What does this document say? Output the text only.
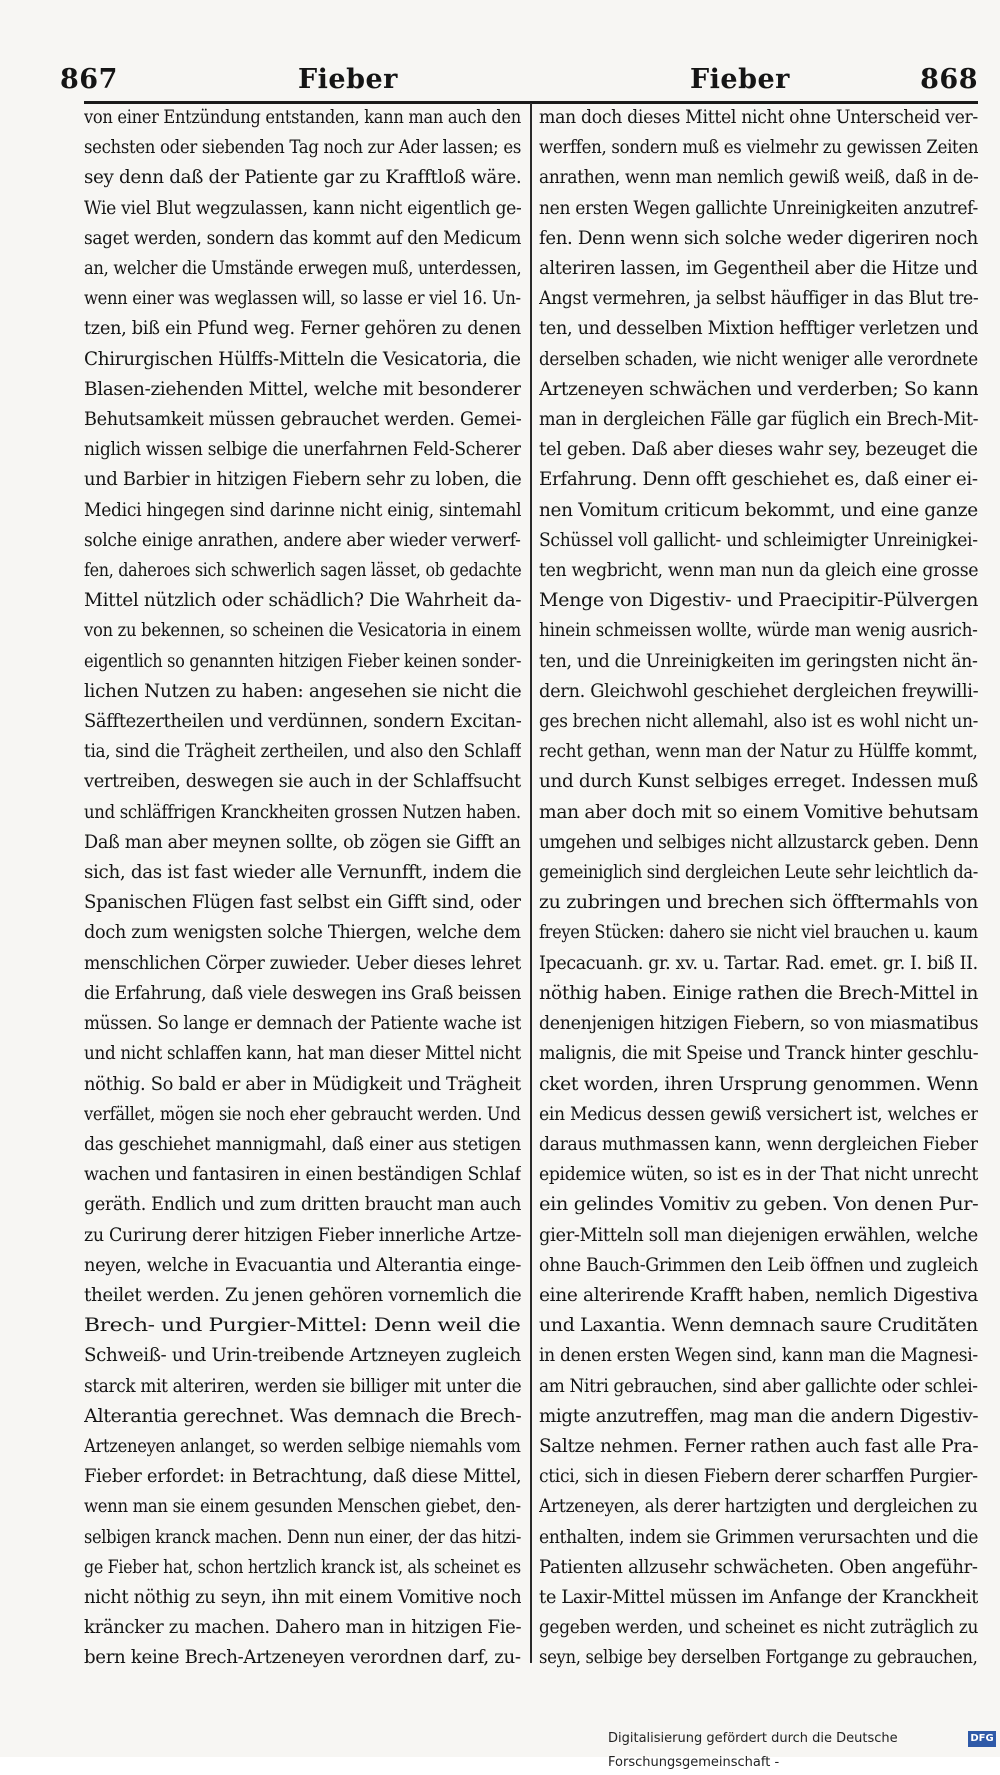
867	Fieber	Fieber	868

von einer Entzündung entstanden, kann man auch den

sechsten oder siebenden Tag noch zur Ader lassen; es

sey denn daß der Patiente gar zu Krafftloß wäre.

Wie viel Blut wegzulassen, kann nicht eigentlich ge-

saget werden, sondern das kommt auf den Medicum

an, welcher die Umstände erwegen muß, unterdessen,

wenn einer was weglassen will, so lasse er viel 16. Un-

tzen, biß ein Pfund weg. Ferner gehören zu denen

Chirurgischen Hülffs-Mitteln die Vesicatoria, die

Blasen-ziehenden Mittel, welche mit besonderer

Behutsamkeit müssen gebrauchet werden. Gemei-

niglich wissen selbige die unerfahrnen Feld-Scherer

und Barbier in hitzigen Fiebern sehr zu loben, die

Medici hingegen sind darinne nicht einig, sintemahl

solche einige anrathen, andere aber wieder verwerf-

fen, daheroes sich schwerlich sagen lässet, ob gedachte

Mittel nützlich oder schädlich? Die Wahrheit da-

von zu bekennen, so scheinen die Vesicatoria in einem

eigentlich so genannten hitzigen Fieber keinen sonder-

lichen Nutzen zu haben: angesehen sie nicht die

Säfftezertheilen und verdünnen, sondern Excitan-

tia, sind die Trägheit zertheilen, und also den Schlaff

vertreiben, deswegen sie auch in der Schlaffsucht

und schläffrigen Kranckheiten grossen Nutzen haben.

Daß man aber meynen sollte, ob zögen sie Gifft an

sich, das ist fast wieder alle Vernunfft, indem die

Spanischen Flügen fast selbst ein Gifft sind, oder

doch zum wenigsten solche Thiergen, welche dem

menschlichen Cörper zuwieder. Ueber dieses lehret

die Erfahrung, daß viele deswegen ins Graß beissen

müssen. So lange er demnach der Patiente wache ist

und nicht schlaffen kann, hat man dieser Mittel nicht

nöthig. So bald er aber in Müdigkeit und Trägheit

verfället, mögen sie noch eher gebraucht werden. Und

das geschiehet mannigmahl, daß einer aus stetigen

wachen und fantasiren in einen beständigen Schlaf

geräth. Endlich und zum dritten braucht man auch

zu Curirung derer hitzigen Fieber innerliche Artze-

neyen, welche in Evacuantia und Alterantia einge-

theilet werden. Zu jenen gehören vornemlich die

Brech- und Purgier-Mittel: Denn weil die

Schweiß- und Urin-treibende Artzneyen zugleich

starck mit alteriren, werden sie billiger mit unter die

Alterantia gerechnet. Was demnach die Brech-

Artzeneyen anlanget, so werden selbige niemahls vom

Fieber erfordet: in Betrachtung, daß diese Mittel,

wenn man sie einem gesunden Menschen giebet, den-

selbigen kranck machen. Denn nun einer, der das hitzi-

ge Fieber hat, schon hertzlich kranck ist, als scheinet es

nicht nöthig zu seyn, ihn mit einem Vomitive noch

kräncker zu machen. Dahero man in hitzigen Fie-

bern keine Brech-Artzeneyen verordnen darf, zu-

man doch dieses Mittel nicht ohne Unterscheid ver-

werffen, sondern muß es vielmehr zu gewissen Zeiten

anrathen, wenn man nemlich gewiß weiß, daß in de-

nen ersten Wegen gallichte Unreinigkeiten anzutref-

fen. Denn wenn sich solche weder digeriren noch

alteriren lassen, im Gegentheil aber die Hitze und

Angst vermehren, ja selbst häuffiger in das Blut tre-

ten, und desselben Mixtion hefftiger verletzen und

derselben schaden, wie nicht weniger alle verordnete

Artzeneyen schwächen und verderben; So kann

man in dergleichen Fälle gar füglich ein Brech-Mit-

tel geben. Daß aber dieses wahr sey, bezeuget die

Erfahrung. Denn offt geschiehet es, daß einer ei-

nen Vomitum criticum bekommt, und eine ganze

Schüssel voll gallicht- und schleimigter Unreinigkei-

ten wegbricht, wenn man nun da gleich eine grosse

Menge von Digestiv- und Praecipitir-Pülvergen

hinein schmeissen wollte, würde man wenig ausrich-

ten, und die Unreinigkeiten im geringsten nicht än-

dern. Gleichwohl geschiehet dergleichen freywilli-

ges brechen nicht allemahl, also ist es wohl nicht un-

recht gethan, wenn man der Natur zu Hülffe kommt,

und durch Kunst selbiges erreget. Indessen muß

man aber doch mit so einem Vomitive behutsam

umgehen und selbiges nicht allzustarck geben. Denn

gemeiniglich sind dergleichen Leute sehr leichtlich da-

zu zubringen und brechen sich öfftermahls von

freyen Stücken: dahero sie nicht viel brauchen u. kaum

Ipecacuanh. gr. xv. u. Tartar. Rad. emet. gr. I. biß II.

nöthig haben. Einige rathen die Brech-Mittel in

denenjenigen hitzigen Fiebern, so von miasmatibus

malignis, die mit Speise und Tranck hinter geschlu-

cket worden, ihren Ursprung genommen. Wenn

ein Medicus dessen gewiß versichert ist, welches er

daraus muthmassen kann, wenn dergleichen Fieber

epidemice wüten, so ist es in der That nicht unrecht

ein gelindes Vomitiv zu geben. Von denen Pur-

gier-Mitteln soll man diejenigen erwählen, welche

ohne Bauch-Grimmen den Leib öffnen und zugleich

eine alterirende Krafft haben, nemlich Digestiva

und Laxantia. Wenn demnach saure Crudităten

in denen ersten Wegen sind, kann man die Magnesi-

am Nitri gebrauchen, sind aber gallichte oder schlei-

migte anzutreffen, mag man die andern Digestiv-

Saltze nehmen. Ferner rathen auch fast alle Pra-

ctici, sich in diesen Fiebern derer scharffen Purgier-

Artzeneyen, als derer hartzigten und dergleichen zu

enthalten, indem sie Grimmen verursachten und die

Patienten allzusehr schwächeten. Oben angeführ-

te Laxir-Mittel müssen im Anfange der Kranckheit

gegeben werden, und scheinet es nicht zuträglich zu

seyn, selbige bey derselben Fortgange zu gebrauchen,

Digitalisierung gefördert durch die Deutsche Forschungsgemeinschaft -
DFG
